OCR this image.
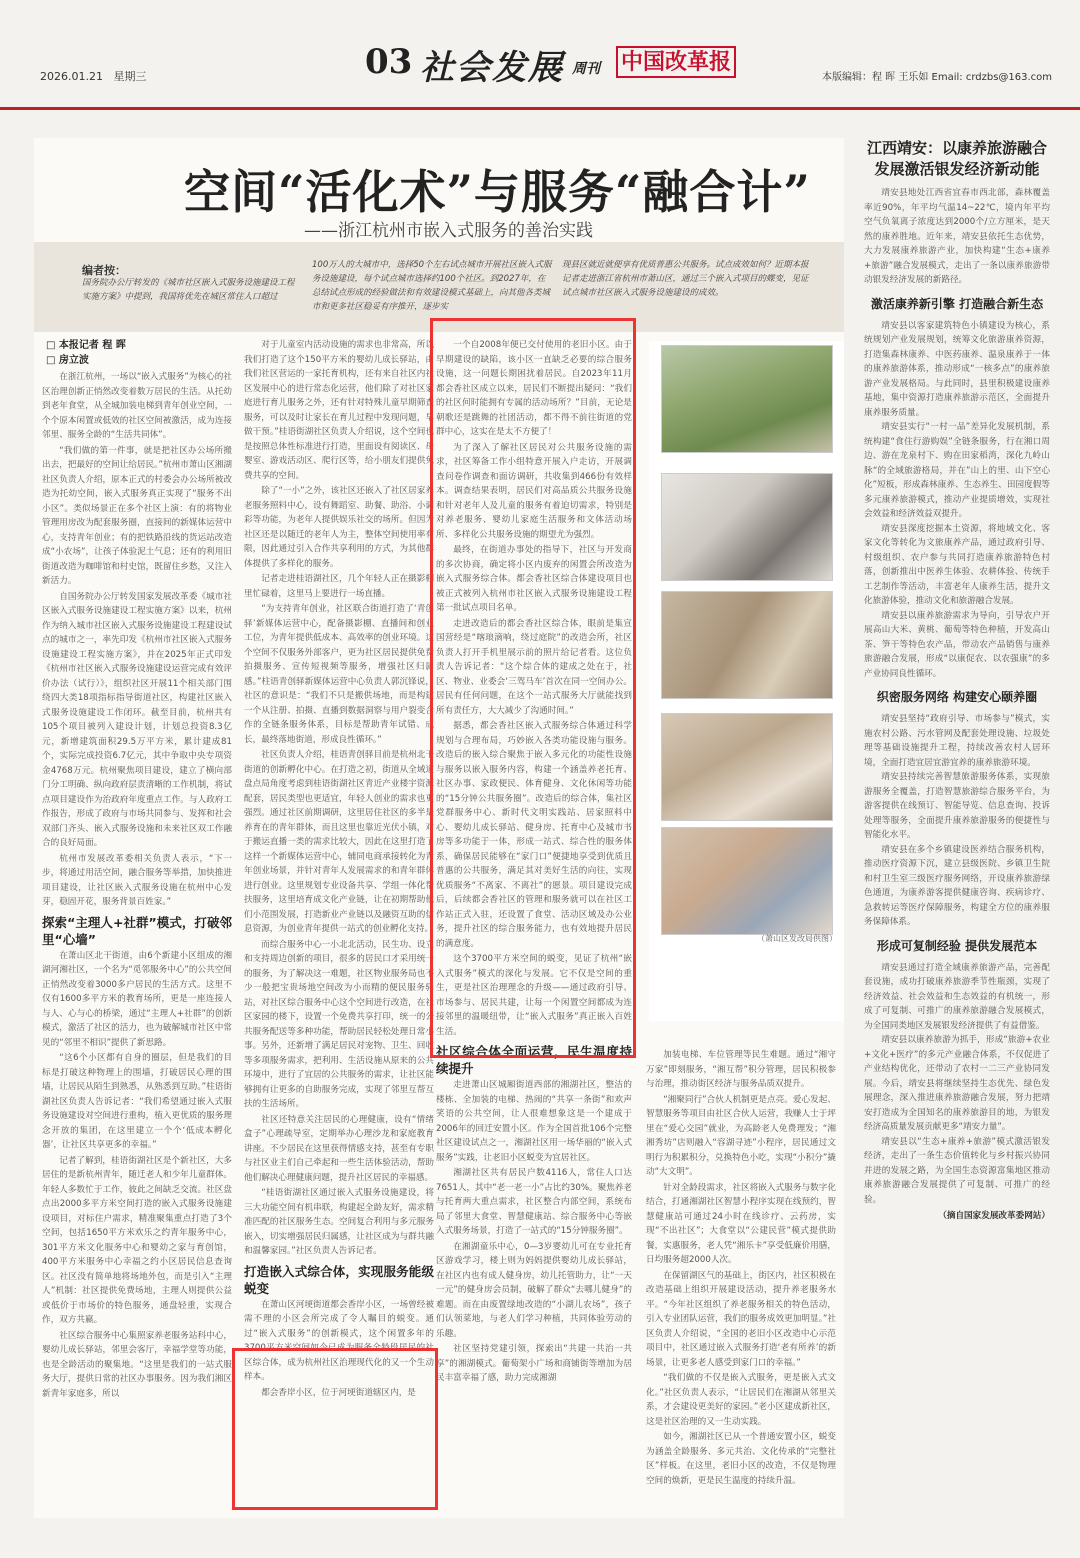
2026.01.21 星期三	03 社会发展 周刊 中国改革报
本版编辑：程 晖 王乐如 Email: crdzbs@163.com
空间“活化术”与服务“融合计”
——浙江杭州市嵌入式服务的善治实践
编者按：
国务院办公厅转发的《城市社区嵌入式服务设施建设工程实施方案》中提到，我国将优先在城区常住人口超过
100万人的大城市中，选择50个左右试点城市开展社区嵌入式服务设施建设，每个试点城市选择约100个社区。到2027年，在总结试点形成的经验做法和有效建设模式基础上，向其他各类城市和更多社区稳妥有序推开，逐步实
现县区就近就便享有优质普惠公共服务。试点成效如何？近期本报记者走进浙江省杭州市萧山区，通过三个嵌入式项目的蝶变，见证试点城市社区嵌入式服务设施建设的成效。
□ 本报记者 程 晖
□ 房立波

在浙江杭州，一场以“嵌入式服务”为核心的社区治理创新正悄然改变着数万居民的生活。从托幼到老年食堂，从全城加装电梯到青年创业空间，一个个原本闲置或低效的社区空间被激活，成为连接邻里、服务全龄的“生活共同体”。

“我们做的第一件事，就是把社区办公场所搬出去，把最好的空间让给居民。”杭州市萧山区湘湖社区负责人介绍，原本正式的村委会办公场所被改造为托幼空间，嵌入式服务真正实现了“服务不出小区”。类似场景正在多个社区上演：有的将物业管理用房改为配套服务圈，直接间的新媒体运营中心，支持青年创业；有的把铁路沿线的货运站改造成“小农场”，让孩子体验泥土气息；还有的利用旧街道改造为咖啡馆和村史馆，既留住乡愁，又注入新活力。

自国务院办公厅转发国家发展改革委《城市社区嵌入式服务设施建设工程实施方案》以来，杭州作为纳入城市社区嵌入式服务设施建设工程建设试点的城市之一，率先印发《杭州市社区嵌入式服务设施建设工程实施方案》，并在2025年正式印发《杭州市社区嵌入式服务设施建设运营完成有效评价办法（试行）》，组织社区开展11个相关部门围绕四大类18项指标指导街道社区，构建社区嵌入式服务设施建设工作闭环。截至目前，杭州共有105个项目被列入建设计划，计划总投资8.3亿元，新增建筑面积29.5万平方米，累计建成81个，实际完成投资6.7亿元，其中争取中央专项资金4768万元。杭州聚焦项目建设，建立了横向部门分工明确、纵向政府层责清晰的工作机制，将试点项目建设作为治政府年度重点工作。与人政府工作报告，形成了政府与市场共同参与、发挥和社会双部门齐头、嵌入式服务设施和未来社区双工作融合的良好局面。

杭州市发展改革委相关负责人表示，“下一步，将通过用活空间，融合服务等举措，加快推进项目建设，让社区嵌入式服务设施在杭州中心发芽，稳固开花，服务背景百姓家。”

探索“主理人+社群”模式，打破邻里“心墙”

在萧山区北干街道，由6个新建小区组成的湘湖河湘社区，一个名为“觅邻服务中心”的公共空间正悄然改变着3000多户居民的生活方式。这里不仅有1600多平方米的教育场所，更是一座连接人与人、心与心的桥梁，通过“主理人+社群”的创新模式，激活了社区的活力，也为破解城市社区中常见的“邻里不相识”提供了新思路。

“这6个小区都有自身的圈层，但是我们的目标是打破这种物理上的围墙，打破居民心理的围墙，让居民从陌生到熟悉，从熟悉到互助。”柱语街湖社区负责人告诉记者：“我们希望通过嵌入式服务设施建设对空间进行重构，植入更优质的服务理念开放的集团，在这里建立一个个‘低成本孵化器’，让社区共享更多的幸福。”

记者了解到，桂语街湖社区是个新社区，大多居住的是新杭州青年，随迁老人和少年儿童群体。年轻人多数忙于工作，彼此之间缺乏交流。社区盘点出2000多平方米空间打造的嵌入式服务设施建设项目，对标住户需求，精准聚集重点打造了3个空间，包括1650平方米欢乐之约青年服务中心，301平方米文化服务中心和婴幼之家与育创馆，400平方米服务中心幸福之约小区居民信息查询区。社区没有简单地将场地外包，而是引入“主理人”机制：社区提供免费场地，主理人则提供公益或低价于市场价的特色服务，通盘轻重，实现合作，双方共嬴。

社区综合服务中心集照家养老服务站科中心，婴幼儿成长驿站，邻里会客厅，幸福学堂等功能，也是全龄活动的聚集地。“这里是我们的一站式服务大厅，提供日常的社区办事服务。因为我们湘区新青年家庭多，所以

对于儿童室内活动设施的需求也非常高，所以我们打造了这个150平方米的婴幼儿成长驿站，由我们社区营运的一家托育机构，还有来自社区内社区发展中心的进行常态化运营，他们除了对社区家庭进行育儿服务之外，还有针对特殊儿童早期筛查服务，可以及时让家长在育儿过程中发现问题，早做干预。”桂语街湖社区负责人介绍说，这个空间也是按照总体性标准进行打造，里面设有阅读区、母婴室、游戏活动区、爬行区等，给小朋友们提供免费共享的空间。

除了“一小”之外，该社区还嵌入了社区居家养老服务照料中心，设有舞蹈室、助餐、助浴、小调彩等功能，为老年人提供娱乐社交的场所。但因为社区还是以随迁的老年人为主，整体空间使用率有限，因此通过引入合作共享利用的方式，为其他群体提供了多样化的服务。

记者走进桂语湖社区，几个年轻人正在摄影棚里忙碌着，这里马上要进行一场直播。

“为支持青年创业，社区联合街道打造了‘青创驿’新媒体运营中心，配备摄影棚、直播间和创业工位，为青年提供低成本、高效率的创业环境。这个空间不仅服务外部客户，更为社区居民提供免费拍摄服务、宣传短视频等服务，增强社区归属感。”柱语青创驿新媒体运营中心负责人郭沉锋说，社区的意识是：“我们不只是搬供场地，而是构建一个从注册、拍摄、直播到数据洞察与用户裂变合作的全链条服务体系，目标是帮助青年试错、成长，最终落地街道，形成良性循环。”

社区负责人介绍，桂语青创驿目前是杭州北干街道的创新孵化中心。在打造之初，街道从全域道盘点局角度考虑到桂语街湖社区青近产业楼宇资源配套，居民类型也更适宜，年轻人创业的需求也更强烈。通过社区前期调研，这里居住社区的多半是养育在的青年群体，而且这里也靠近光伏小镇，对于搬运直播一类的需求比较大，因此在这里打造了这样一个新媒体运营中心，辅同电商承接转化为青年创业场景，并针对青年人发展需求的和青年群体进行创业。这里规划专业设备共享、学组一体化帮扶服务，这里培育成文化产业链，让在初期帮助他们小范围发展，打造新业产业链以及融资互助的信息资源，为创业青年提供一站式的创业孵化支持。

而综合服务中心一小北北活动，民生功、设立和支持周边创新的项目，很多的居民口才采用统一的服务，为了解决这一难题，社区物业服务局也不少一般把宝贵场地空间改为小而精的便民服务驿站，对社区综合服务中心这个空间进行改造，在社区家园的楼下，设置一个免费共享打印，统一的公共服务配送等多种功能，帮助居民轻松处理日常小事。另外，还新增了满足居民对宠物、卫生、回收等多项服务需求，把利用、生活设施从原来的公共环境中，进行了宜居的公共服务的需求，让社区能够拥有让更多的自助服务完成，实现了邻里互帮互扶的生活场所。

社区还特意关注居民的心理健康，设有“情绪盒子”心理疏导室，定期举办心理沙龙和家庭教育讲座。不少居民在这里获得情感支持，甚至有专职与社区业主们自己牵起和一些生活体验活动，帮助他们解决心理健康问题，提升社区居民的幸福感。

“桂语街湖社区通过嵌入式服务设施建设，将三大功能空间有机串联，构建起全龄友好，需求精准匹配的社区服务生态。空间复合利用与多元服务嵌入，切实增强居民归属感，让社区成为与群共融和温馨家园。”社区负责人告诉记者。

打造嵌入式综合体，实现服务能级蜕变

在萧山区河埂街道都会香岸小区，一场曾经被需不理的小区会所完成了令人瞩目的蜕变。通过“嵌入式服务”的创新模式，这个闲置多年的3700平方米空间如今已成为服务全龄段居民的社区综合体，成为杭州社区治理现代化的又一个生动样本。

都会香岸小区，位于河埂街道辖区内，是

一个自2008年便已交付使用的老旧小区。由于早期建设的缺陷，该小区一直缺乏必要的综合服务设施，这一问题长期困扰着居民。自2023年11月都会香社区成立以来，居民们不断提出疑问：“我们的社区何时能拥有专属的活动场所？”目前，无论是朝歌还是跳舞的社团活动，都不得不前往街道的党群中心，这实在是太不方便了！

为了深入了解社区居民对公共服务设施的需求，社区筹备工作小组特意开展入户走访，开展调查问卷作调查和面访调研，共收集到466份有效样本。调查结果表明，居民们对高品质公共服务设施和针对老年人及儿童的服务有着迫切需求，特别是对养老服务、婴幼儿家庭生活服务和文体活动场所、多样化公共服务设施的期望尤为强烈。

最终，在街道办事处的指导下，社区与开发商的多次协商，确定将小区内废弃的闲置会所改造为嵌入式服务综合体。都会香社区综合体建设项目也被正式被列入杭州市社区嵌入式服务设施建设工程第一批试点项目名单。

走进改造后的都会香社区综合体，眼前是集宣国营经是“喀琅滴响，绕过庭院”的改造会所，社区负责人打开手机里展示前的照片给记者看。这位负责人告诉记者：“这个综合体的建成之处在于，社区、物业、业委会‘三驾马车’首次在同一空间办公。居民有任何问题，在这个一站式服务大厅就能找到所有责任方，大大减少了沟通时间。”

据悉，都会香社区嵌入式服务综合体通过科学规划与合理布局，巧妙嵌入各类功能设施与服务。改造后的嵌入综合聚焦于嵌入多元化的功能性设施与服务以嵌入服务内容，构建一个涵盖养老托育、社区办事、家政便民、体育健身、文化休闲等功能的“15分钟公共服务圈”。改造后的综合体，集社区党群服务中心、新时代文明实践站、居家照料中心、婴幼儿成长驿站、健身房、托育中心及城市书房等多功能于一体，形成一站式、综合性的服务体系，确保居民能够在“家门口”便捷地享受到优质且普惠的公共服务，满足其对美好生活的向往，实现优质服务“不离家、不离社”的愿景。项目建设完成后，后续都会香社区的管理和服务就可以在社区工作站正式入驻，还设置了食堂、活动区域及办公业务，提升社区的综合服务能力，也有效地提升居民的满意度。

这个3700平方米空间的蜕变，见证了杭州“嵌入式服务”模式的深化与发展。它不仅是空间的重生，更是社区治理理念的升级——通过政府引导、市场参与、居民共建，让每一个闲置空间都成为连接邻里的温暖纽带，让“嵌入式服务”真正嵌入百姓生活。

社区综合体全面运营，民生温度持续提升

走进萧山区城厢街道西部的湘湖社区，整洁的楼栋、全加装的电梯、热闹的“共享一条街”和欢声笑语的公共空间，让人很难想象这是一个建成于2006年的回迁安置小区。作为全国首批106个完整社区建设试点之一，湘湖社区用一场华丽的“嵌入式服务”实践，让老旧小区蜕变为宜居社区。

湘湖社区共有居民户数4116人，常住人口达7651人，其中“老一老一小”占比约30%。聚焦养老与托育两大重点需求，社区整合内部空间，系统布局了邻里大食堂、智慧健康站、综合服务中心等嵌入式服务场景，打造了一站式的“15分钟服务圈”。

在湘湖童乐中心，0—3岁婴幼儿可在专业托育区游戏学习，楼上则为妈妈提供婴幼儿成长驿站，在社区内也有成人健身房，幼儿托管助力，让“一天一元”的健身房会员制，破解了群众“去哪儿健身”的难题。而在由废置绿地改造的“小湖儿农场”，孩子们认领菜地，与老人们学习种植，共同体验劳动的乐趣。

社区坚持党建引领，探索出“共建一共治一共享”的湘湖模式。葡萄架小广场和商铺街等增加为居民丰富幸福了感，助力完成湘湖

（萧山区发改局供图）

加装电梯、车位管理等民生难题。通过“湘守万家”即刻服务，“湘互帮”积分管理，居民积极参与治理，推动街区经济与服务品质双提升。

“湘聚同行”合伙人机制更是点亮。爱心发起、智慧服务等项目由社区合伙人运营，我赚人士于坪里在“爱心交园”就业，为高龄老人免费理发；“湘湘秀坊”店则融入“容湖寻迹”小程序，居民通过文明行为积累积分，兑换特色小吃，实现“小积分”撬动“大文明”。

针对全龄段需求，社区将嵌入式服务与数字化结合，打通湘湖社区智慧小程序实现在线预约，智慧健康站可通过24小时在线诊疗、云药房，实现“不出社区”；大食堂以“公建民营”模式提供助餐，实惠服务，老人凭“湘乐卡”享受低廉价用膳，日均服务超2000人次。

在保留湖区气的基础上，街区内，社区积极在改造基础上组织开展建设活动，提升养老服务水平。“今年社区组织了养老服务相关的特色活动，引入专业团队运营，我们的服务成效更加明显。”社区负责人介绍说，“全国的老旧小区改造中心示范项目中，社区通过嵌入式服务打造‘老有所养’的新场景，让更多老人感受到家门口的幸福。”

“我们做的不仅是嵌入式服务，更是嵌入式文化。”社区负责人表示，“让居民们在湘湖从邻里关系，才会建设更美好的家园。”老小区建成新社区，这是社区治理的又一生动实践。

如今，湘湖社区已从一个普通安置小区，蜕变为涵盖全龄服务、多元共治、文化传承的“完整社区”样板。在这里，老旧小区的改造，不仅是物理空间的焕新，更是民生温度的持续升温。

江西靖安：以康养旅游融合
发展激活银发经济新动能

靖安县地处江西省宜春市西北部，森林覆盖率近90%，年平均气温14~22℃，境内年平均空气负氧离子浓度达到2000个/立方厘米，是天然的康养胜地。近年来，靖安县依托生态优势，大力发展康养旅游产业，加快构建“生态+康养+旅游”融合发展模式，走出了一条以康养旅游带动银发经济发展的新路径。

激活康养新引擎 打造融合新生态

靖安县以客家建筑特色小镇建设为核心，系统规划产业发展规划，统筹文化旅游康养资源，打造集森林康养、中医药康养、温泉康养于一体的康养旅游体系，推动形成“一核多点”的康养旅游产业发展格局。与此同时，县里积极建设康养基地，集中资源打造康养旅游示范区，全面提升康养服务质量。

靖安县实行“一村一品”差异化发展机制，系统构建“食住行游购娱”全链条服务，行在湘口周边、游在龙泉村下、购在田家稻湾，深化九岭山脉“的全域旅游格局，并在”山上的里、山下空心化”短板，形成森林康养、生态养生、田园度假等多元康养旅游模式，推动产业提质增效，实现社会效益和经济效益双提升。

靖安县深度挖掘本土资源，将地域文化、客家文化等转化为文旅康养产品，通过政府引导、村级组织、农户参与共同打造康养旅游特色村落，创新推出中医养生体验、农耕体验、传统手工艺制作等活动，丰富老年人康养生活，提升文化旅游体验，推动文化和旅游融合发展。

靖安县以康养旅游需求为导向，引导农户开展高山大米、黄桃、葡萄等特色种植，开发高山茶、笋干等特色农产品，带动农产品销售与康养旅游融合发展，形成“以康促农、以农强康”的多产业协同良性循环。

织密服务网络 构建安心颐养圈

靖安县坚持“政府引导、市场参与”模式，实施农村公路、污水管网及配套处理设施、垃圾处理等基础设施提升工程，持续改善农村人居环境，全面打造宜居宜游宜养的康养旅游环境。

靖安县持续完善智慧旅游服务体系，实现旅游服务全覆盖，打造智慧旅游综合服务平台，为游客提供在线预订、智能导览、信息查询、投诉处理等服务，全面提升康养旅游服务的便捷性与智能化水平。

靖安县在多个乡镇建设医养结合服务机构，推动医疗资源下沉，建立县级医院、乡镇卫生院和村卫生室三级医疗服务网络，开设康养旅游绿色通道，为康养游客提供健康咨询、疾病诊疗、急救转运等医疗保障服务，构建全方位的康养服务保障体系。

形成可复制经验 提供发展范本

靖安县通过打造全域康养旅游产品，完善配套设施，成功打破康养旅游季节性瓶颈，实现了经济效益、社会效益和生态效益的有机统一，形成了可复制、可推广的康养旅游融合发展模式，为全国同类地区发展银发经济提供了有益借鉴。

靖安县以康养旅游为抓手，形成“旅游+农业+文化+医疗”的多元产业融合体系，不仅促进了产业结构优化，还带动了农村一二三产业协同发展。今后，靖安县将继续坚持生态优先、绿色发展理念，深入推进康养旅游融合发展，努力把靖安打造成为全国知名的康养旅游目的地，为银发经济高质量发展贡献更多“靖安力量”。

靖安县以“生态+康养+旅游”模式激活银发经济，走出了一条生态价值转化与乡村振兴协同并进的发展之路，为全国生态资源富集地区推动康养旅游融合发展提供了可复制、可推广的经验。

（摘自国家发展改革委网站）
